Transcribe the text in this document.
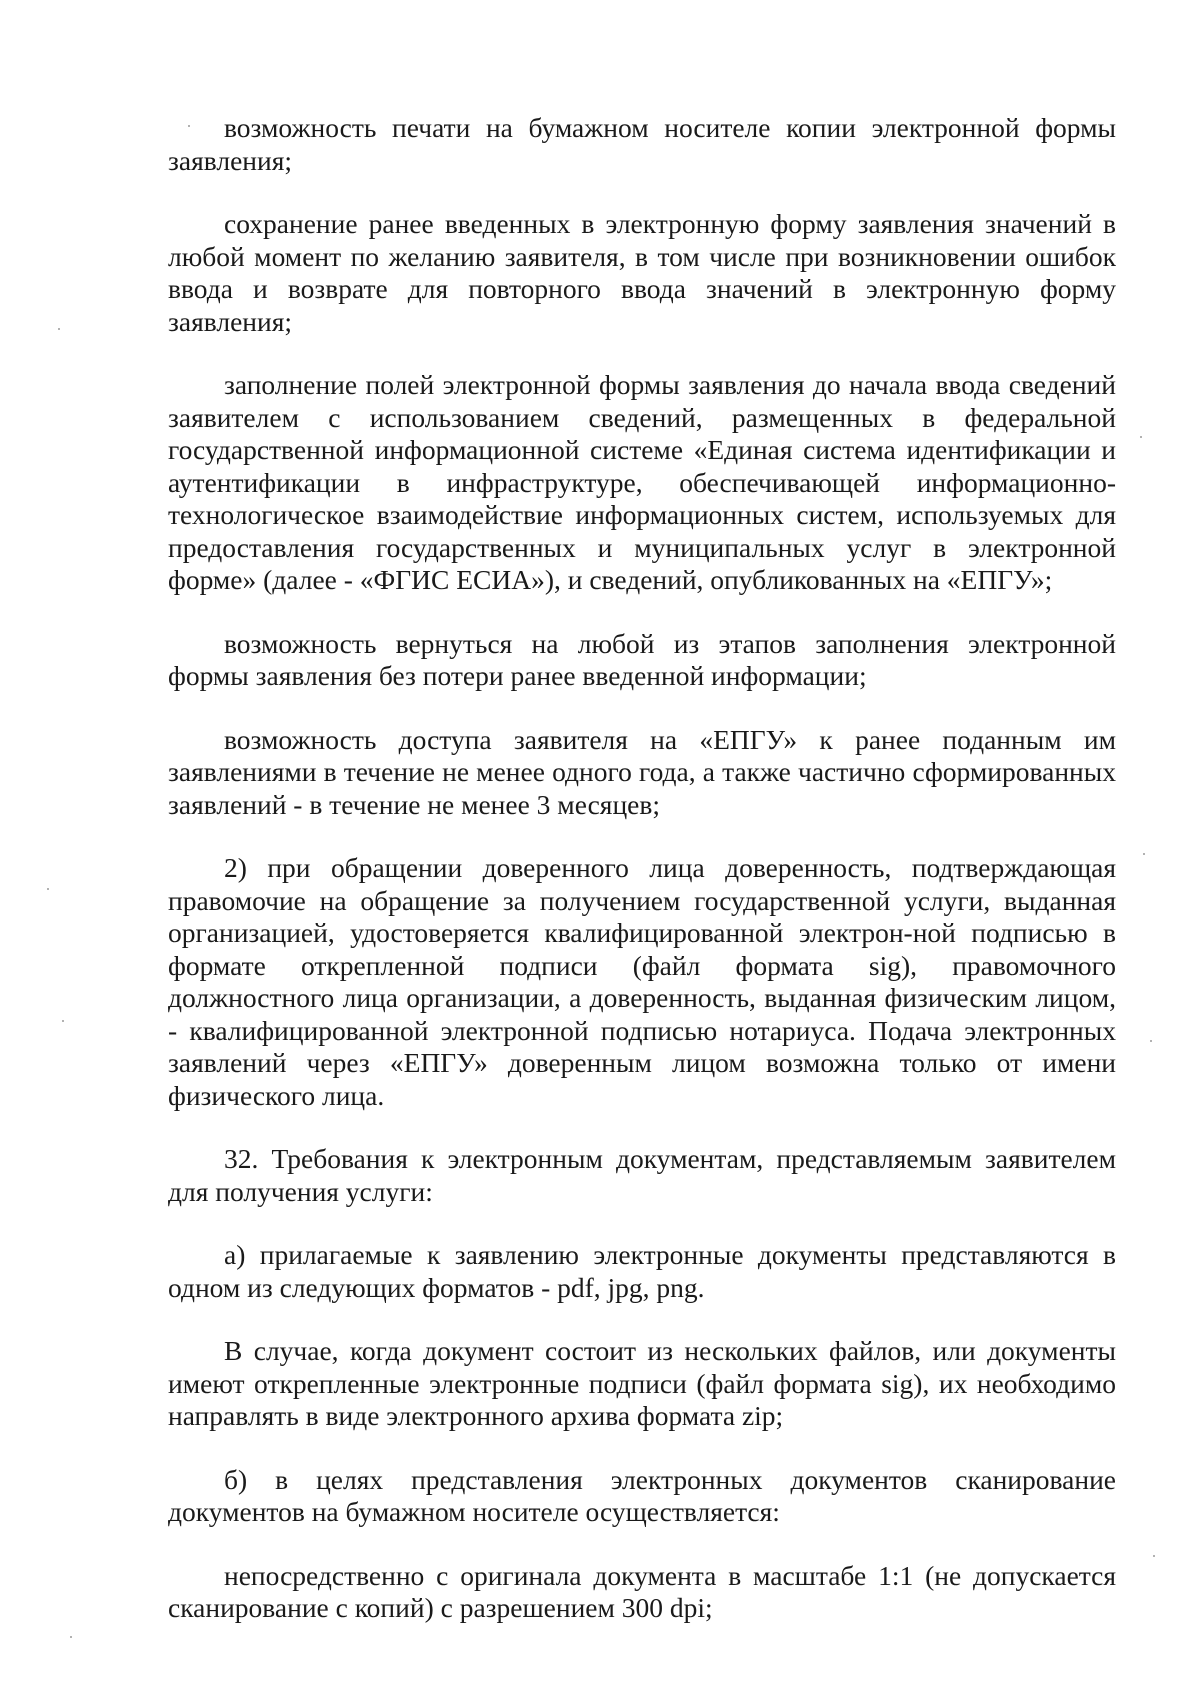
возможность печати на бумажном носителе копии электронной формы заявления;

сохранение ранее введенных в электронную форму заявления значений в любой момент по желанию заявителя, в том числе при возникновении ошибок ввода и возврате для повторного ввода значений в электронную форму заявления;

заполнение полей электронной формы заявления до начала ввода сведений заявителем с использованием сведений, размещенных в федеральной государственной информационной системе «Единая система идентификации и аутентификации в инфраструктуре, обеспечивающей информационно-технологическое взаимодействие информационных систем, используемых для предоставления государственных и муниципальных услуг в электронной форме» (далее - «ФГИС ЕСИА»), и сведений, опубликованных на «ЕПГУ»;

возможность вернуться на любой из этапов заполнения электронной формы заявления без потери ранее введенной информации;

возможность доступа заявителя на «ЕПГУ» к ранее поданным им заявлениями в течение не менее одного года, а также частично сформированных заявлений - в течение не менее 3 месяцев;

2) при обращении доверенного лица доверенность, подтверждающая правомочие на обращение за получением государственной услуги, выданная организацией, удостоверяется квалифицированной электрон-ной подписью в формате открепленной подписи (файл формата sig), правомочного должностного лица организации, а доверенность, выданная физическим лицом, - квалифицированной электронной подписью нотариуса. Подача электронных заявлений через «ЕПГУ» доверенным лицом возможна только от имени физического лица.

32. Требования к электронным документам, представляемым заявителем для получения услуги:

а) прилагаемые к заявлению электронные документы представляются в одном из следующих форматов - pdf, jpg, png.

В случае, когда документ состоит из нескольких файлов, или документы имеют открепленные электронные подписи (файл формата sig), их необходимо направлять в виде электронного архива формата zip;

б) в целях представления электронных документов сканирование документов на бумажном носителе осуществляется:

непосредственно с оригинала документа в масштабе 1:1 (не допускается сканирование с копий) с разрешением 300 dpi;
